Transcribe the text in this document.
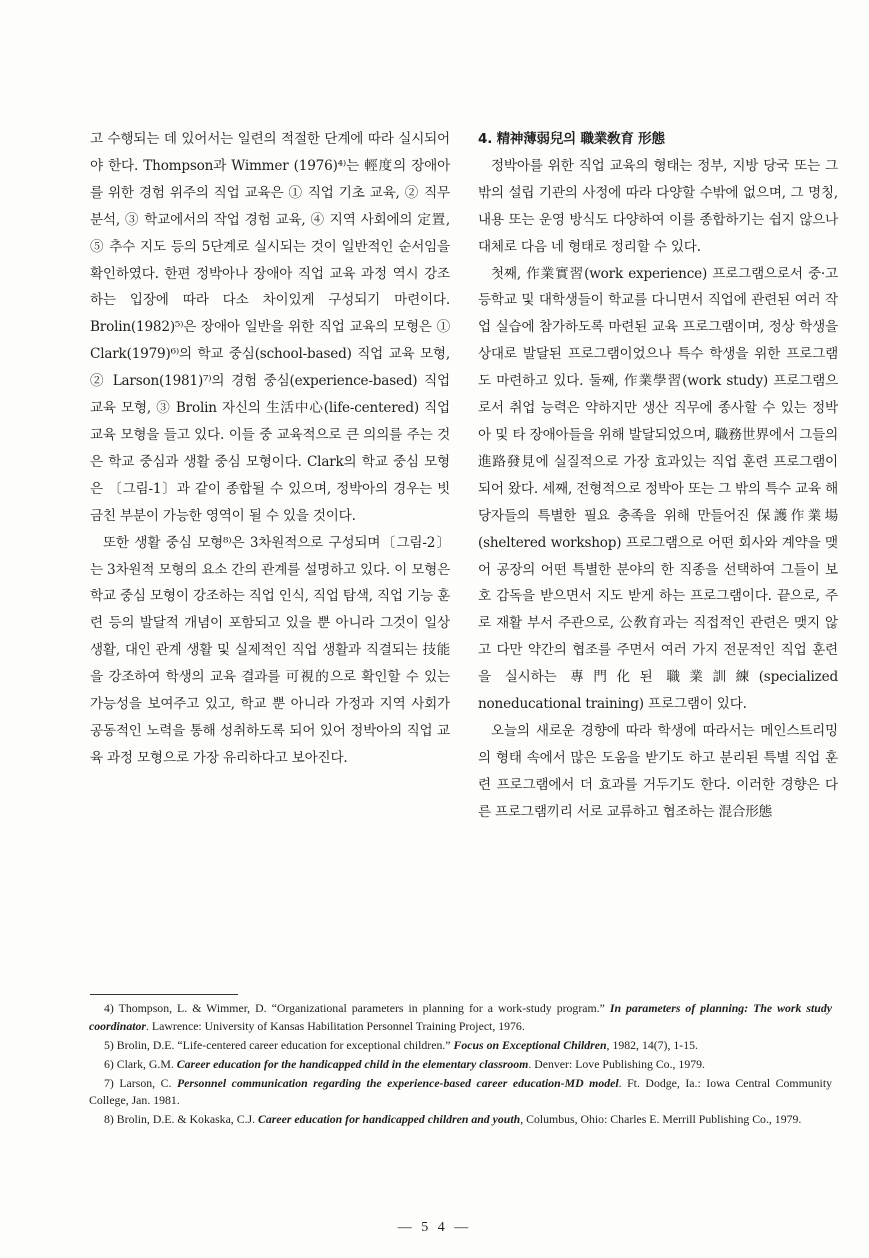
고 수행되는 데 있어서는 일련의 적절한 단계에 따라 실시되어야 한다. Thompson과 Wimmer (1976)⁴⁾는 輕度의 장애아를 위한 경험 위주의 직업 교육은 ① 직업 기초 교육, ② 직무 분석, ③ 학교에서의 작업 경험 교육, ④ 지역 사회에의 定置, ⑤ 추수 지도 등의 5단계로 실시되는 것이 일반적인 순서임을 확인하였다. 한편 정박아나 장애아 직업 교육 과정 역시 강조하는 입장에 따라 다소 차이있게 구성되기 마련이다. Brolin(1982)⁵⁾은 장애아 일반을 위한 직업 교육의 모형은 ① Clark(1979)⁶⁾의 학교 중심(school-based) 직업 교육 모형, ② Larson(1981)⁷⁾의 경험 중심(experience-based) 직업 교육 모형, ③ Brolin 자신의 生活中心(life-centered) 직업 교육 모형을 들고 있다. 이들 중 교육적으로 큰 의의를 주는 것은 학교 중심과 생활 중심 모형이다. Clark의 학교 중심 모형은 〔그림-1〕과 같이 종합될 수 있으며, 정박아의 경우는 빗금친 부분이 가능한 영역이 될 수 있을 것이다.

또한 생활 중심 모형⁸⁾은 3차원적으로 구성되며〔그림-2〕는 3차원적 모형의 요소 간의 관계를 설명하고 있다. 이 모형은 학교 중심 모형이 강조하는 직업 인식, 직업 탐색, 직업 기능 훈련 등의 발달적 개념이 포함되고 있을 뿐 아니라 그것이 일상 생활, 대인 관계 생활 및 실제적인 직업 생활과 직결되는 技能을 강조하여 학생의 교육 결과를 可視的으로 확인할 수 있는 가능성을 보여주고 있고, 학교 뿐 아니라 가정과 지역 사회가 공동적인 노력을 통해 성취하도록 되어 있어 정박아의 직업 교육 과정 모형으로 가장 유리하다고 보아진다.

4. 精神薄弱兒의 職業敎育 形態

정박아를 위한 직업 교육의 형태는 정부, 지방 당국 또는 그 밖의 설립 기관의 사정에 따라 다양할 수밖에 없으며, 그 명칭, 내용 또는 운영 방식도 다양하여 이를 종합하기는 쉽지 않으나 대체로 다음 네 형태로 정리할 수 있다.

첫째, 作業實習(work experience) 프로그램으로서 중·고등학교 및 대학생들이 학교를 다니면서 직업에 관련된 여러 작업 실습에 참가하도록 마련된 교육 프로그램이며, 정상 학생을 상대로 발달된 프로그램이었으나 특수 학생을 위한 프로그램도 마련하고 있다. 둘째, 作業學習(work study) 프로그램으로서 취업 능력은 약하지만 생산 직무에 종사할 수 있는 정박아 및 타 장애아들을 위해 발달되었으며, 職務世界에서 그들의 進路發見에 실질적으로 가장 효과있는 직업 훈련 프로그램이 되어 왔다. 세째, 전형적으로 정박아 또는 그 밖의 특수 교육 해당자들의 특별한 필요 충족을 위해 만들어진 保護作業場(sheltered workshop) 프로그램으로 어떤 회사와 계약을 맺어 공장의 어떤 특별한 분야의 한 직종을 선택하여 그들이 보호 감독을 받으면서 지도 받게 하는 프로그램이다. 끝으로, 주로 재활 부서 주관으로, 公敎育과는 직접적인 관련은 맺지 않고 다만 약간의 협조를 주면서 여러 가지 전문적인 직업 훈련을 실시하는 專門化된 職業訓練(specialized noneducational training) 프로그램이 있다.

오늘의 새로운 경향에 따라 학생에 따라서는 메인스트리밍의 형태 속에서 많은 도움을 받기도 하고 분리된 특별 직업 훈련 프로그램에서 더 효과를 거두기도 한다. 이러한 경향은 다른 프로그램끼리 서로 교류하고 협조하는 混合形態

4) Thompson, L. & Wimmer, D. “Organizational parameters in planning for a work-study program.” In parameters of planning: The work study coordinator. Lawrence: University of Kansas Habilitation Personnel Training Project, 1976.

5) Brolin, D.E. “Life-centered career education for exceptional children.” Focus on Exceptional Children, 1982, 14(7), 1-15.

6) Clark, G.M. Career education for the handicapped child in the elementary classroom. Denver: Love Publishing Co., 1979.

7) Larson, C. Personnel communication regarding the experience-based career education-MD model. Ft. Dodge, Ia.: Iowa Central Community College, Jan. 1981.

8) Brolin, D.E. & Kokaska, C.J. Career education for handicapped children and youth, Columbus, Ohio: Charles E. Merrill Publishing Co., 1979.

— 5 4 —
